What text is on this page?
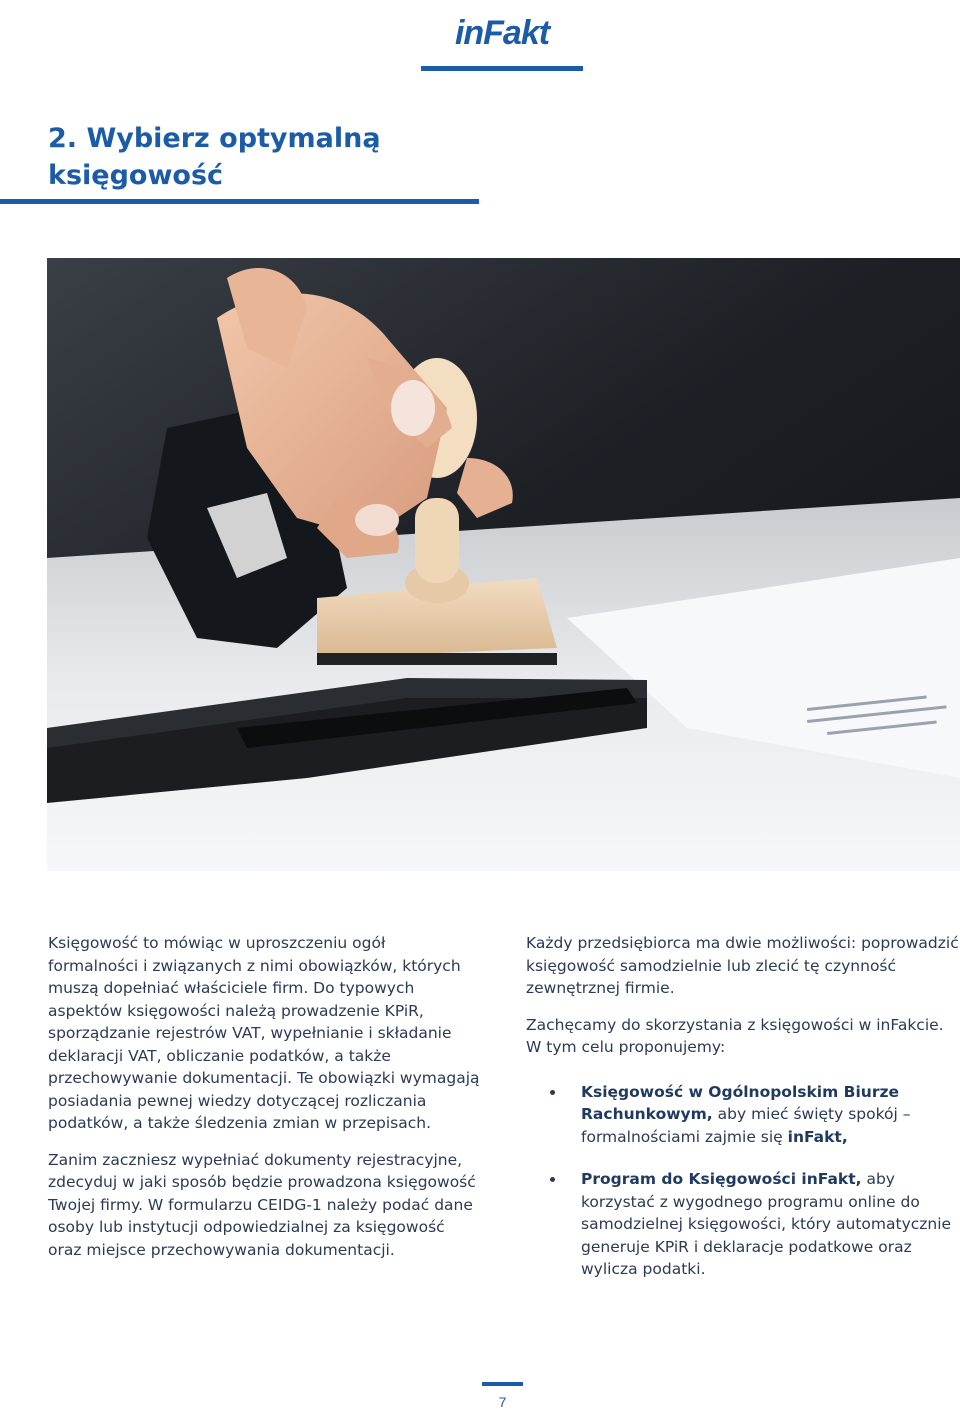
inFakt
2. Wybierz optymalną
księgowość

Księgowość to mówiąc w uproszczeniu ogół formalności i związanych z nimi obowiązków, których muszą dopełniać właściciele firm. Do typowych aspektów księgowości należą prowadzenie KPiR, sporządzanie rejestrów VAT, wypełnianie i składanie deklaracji VAT, obliczanie podatków, a także przechowywanie dokumentacji. Te obowiązki wymagają posiadania pewnej wiedzy dotyczącej rozliczania podatków, a także śledzenia zmian w przepisach.

Zanim zaczniesz wypełniać dokumenty rejestracyjne, zdecyduj w jaki sposób będzie prowadzona księgowość Twojej firmy. W formularzu CEIDG-1 należy podać dane osoby lub instytucji odpowiedzialnej za księgowość oraz miejsce przechowywania dokumentacji.

Każdy przedsiębiorca ma dwie możliwości: poprowadzić księgowość samodzielnie lub zlecić tę czynność zewnętrznej firmie.

Zachęcamy do skorzystania z księgowości w inFakcie. W tym celu proponujemy:

Księgowość w Ogólnopolskim Biurze Rachunkowym, aby mieć święty spokój – formalnościami zajmie się inFakt,
Program do Księgowości inFakt, aby korzystać z wygodnego programu online do samodzielnej księgowości, który automatycznie generuje KPiR i deklaracje podatkowe oraz wylicza podatki.
7
